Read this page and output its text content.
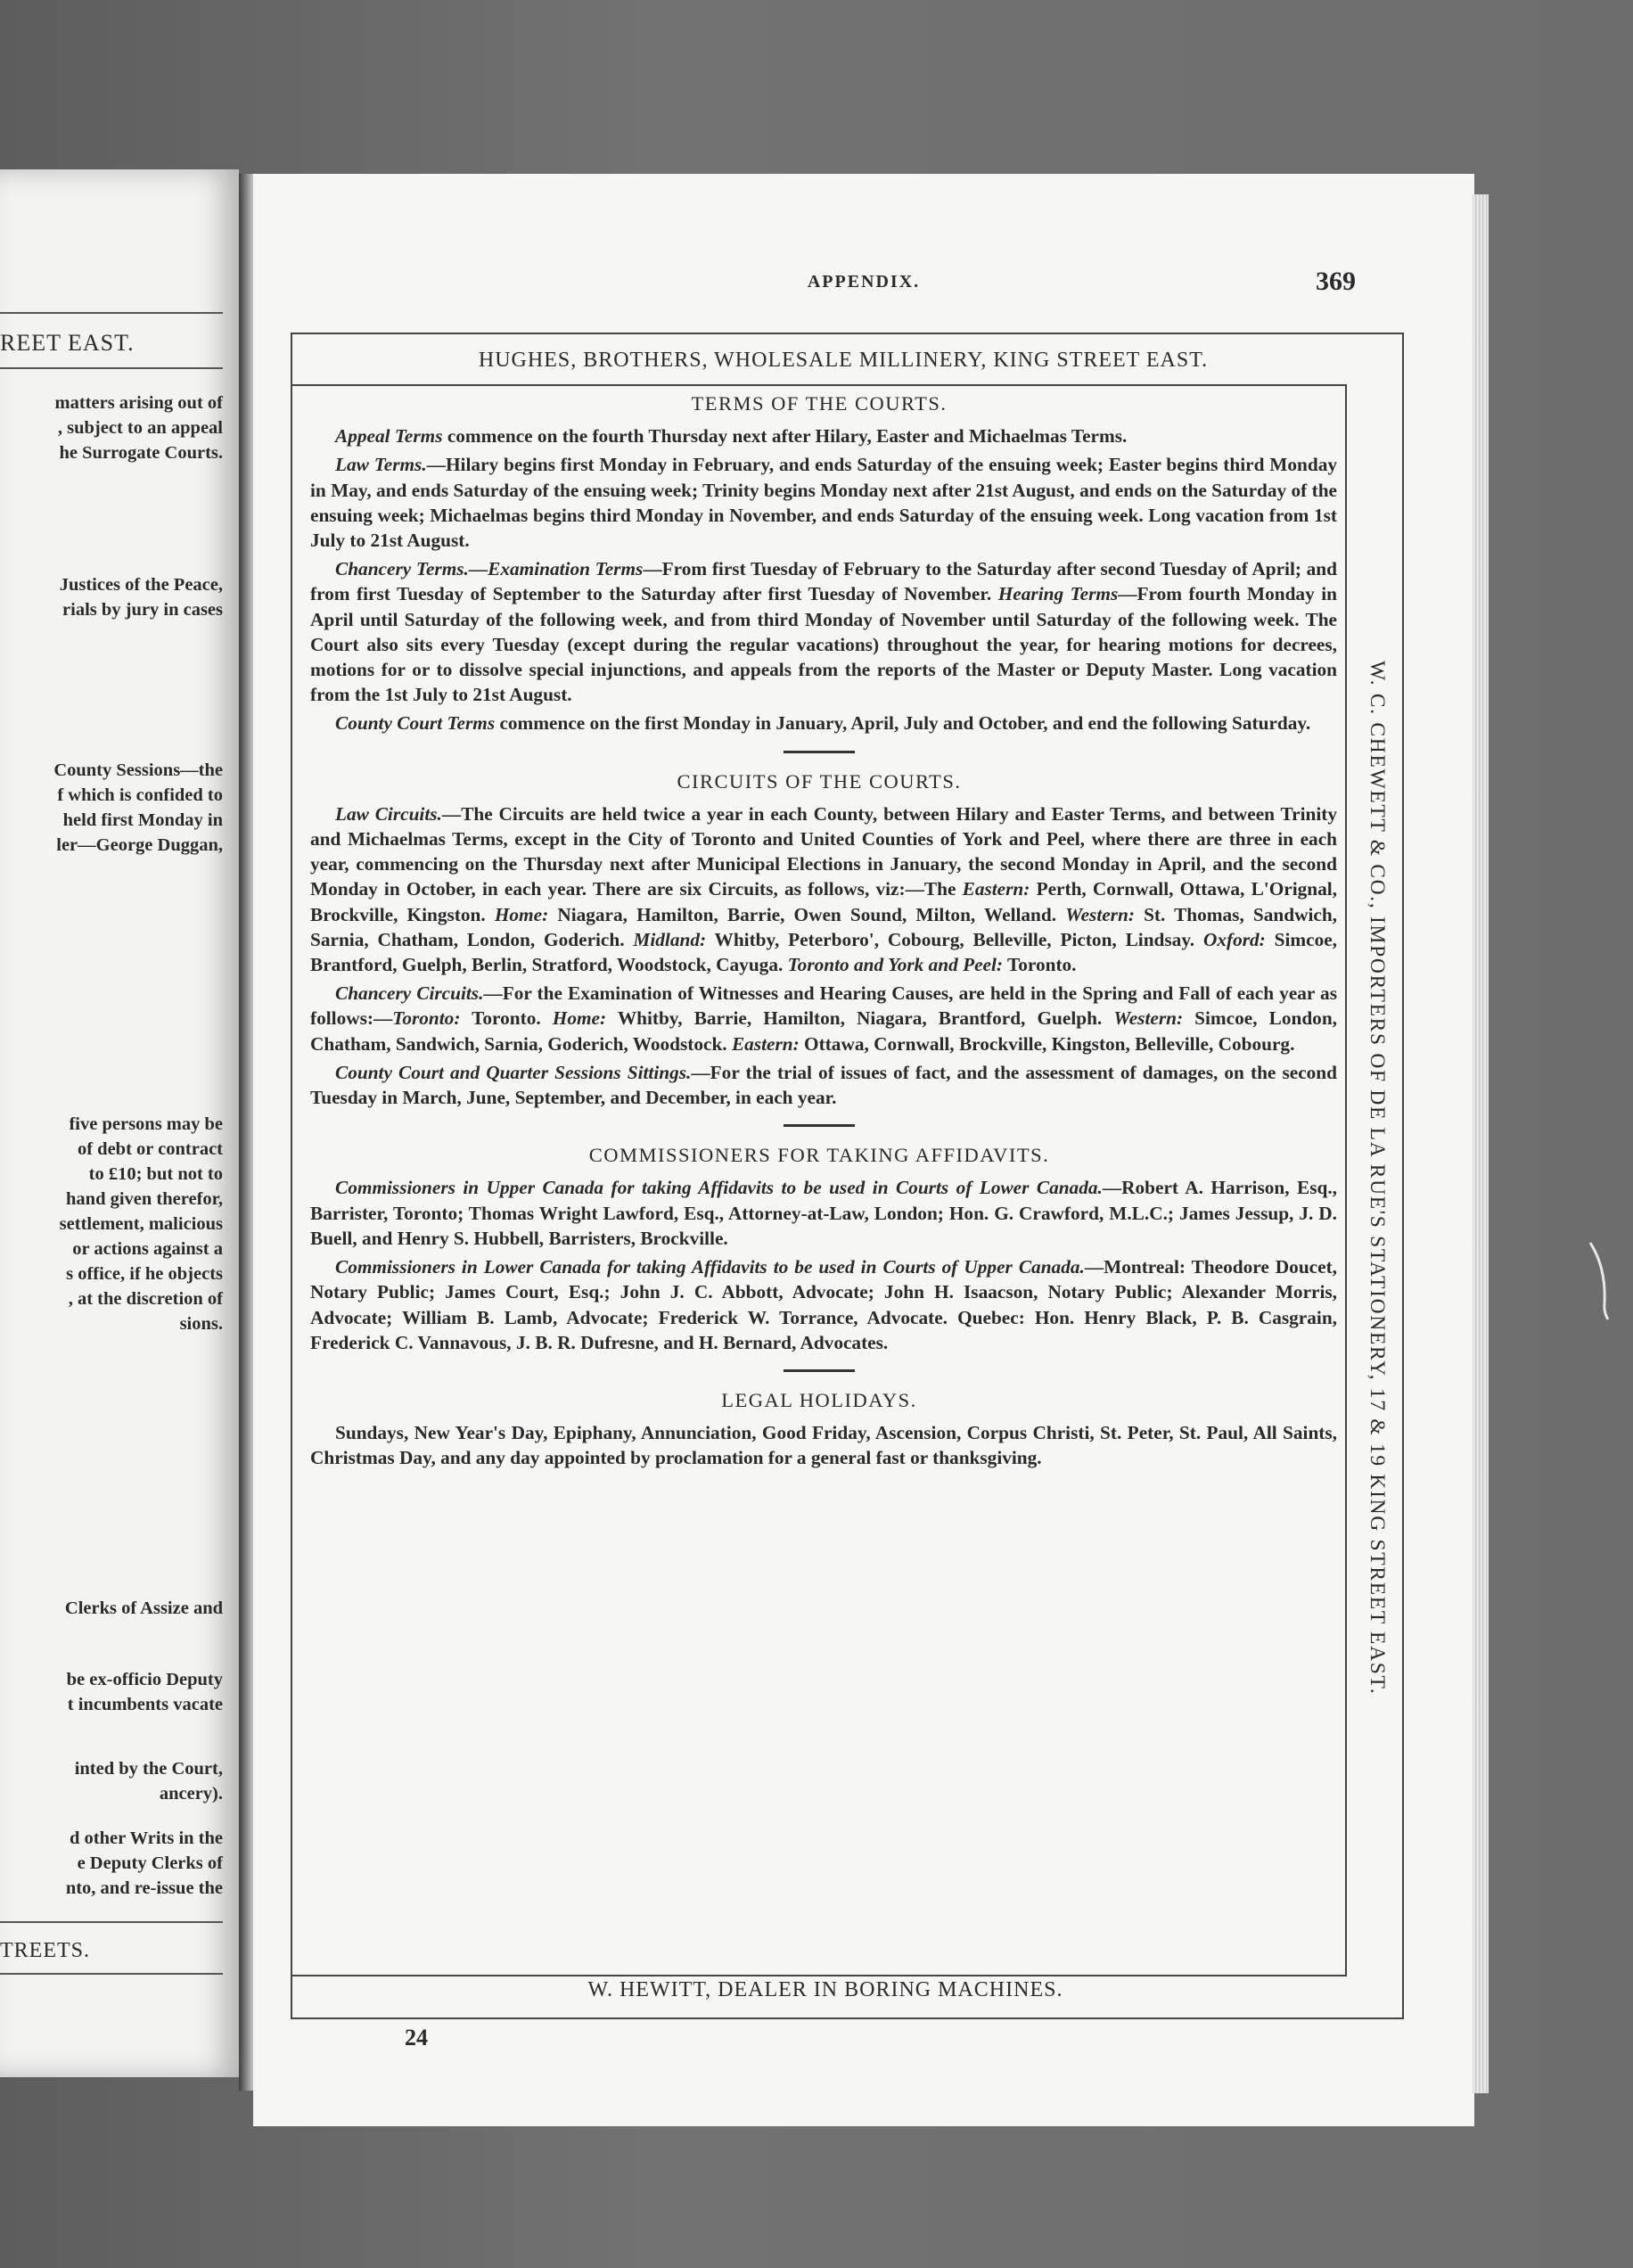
REET EAST.
matters arising out of
, subject to an appeal
he Surrogate Courts.
Justices of the Peace,
rials by jury in cases
County Sessions—the
f which is confided to
held first Monday in
ler—George Duggan,
five persons may be
of debt or contract
to £10; but not to
hand given therefor,
settlement, malicious
or actions against a
s office, if he objects
, at the discretion of
sions.
Clerks of Assize and
be ex-officio Deputy
t incumbents vacate
inted by the Court,
ancery).
d other Writs in the
e Deputy Clerks of
nto, and re-issue the
TREETS.
APPENDIX.	369
HUGHES, BROTHERS, WHOLESALE MILLINERY, KING STREET EAST.
W. C. CHEWETT & CO., IMPORTERS OF DE LA RUE'S STATIONERY, 17 & 19 KING STREET EAST.
TERMS OF THE COURTS.

Appeal Terms commence on the fourth Thursday next after Hilary, Easter and Michaelmas Terms.

Law Terms.—Hilary begins first Monday in February, and ends Saturday of the ensuing week; Easter begins third Monday in May, and ends Saturday of the ensuing week; Trinity begins Monday next after 21st August, and ends on the Saturday of the ensuing week; Michaelmas begins third Monday in November, and ends Saturday of the ensuing week. Long vacation from 1st July to 21st August.

Chancery Terms.—Examination Terms—From first Tuesday of February to the Saturday after second Tuesday of April; and from first Tuesday of September to the Saturday after first Tuesday of November. Hearing Terms—From fourth Monday in April until Saturday of the following week, and from third Monday of November until Saturday of the following week. The Court also sits every Tuesday (except during the regular vacations) throughout the year, for hearing motions for decrees, motions for or to dissolve special injunctions, and appeals from the reports of the Master or Deputy Master. Long vacation from the 1st July to 21st August.

County Court Terms commence on the first Monday in January, April, July and October, and end the following Saturday.

CIRCUITS OF THE COURTS.

Law Circuits.—The Circuits are held twice a year in each County, between Hilary and Easter Terms, and between Trinity and Michaelmas Terms, except in the City of Toronto and United Counties of York and Peel, where there are three in each year, commencing on the Thursday next after Municipal Elections in January, the second Monday in April, and the second Monday in October, in each year. There are six Circuits, as follows, viz:—The Eastern: Perth, Cornwall, Ottawa, L'Orignal, Brockville, Kingston. Home: Niagara, Hamilton, Barrie, Owen Sound, Milton, Welland. Western: St. Thomas, Sandwich, Sarnia, Chatham, London, Goderich. Midland: Whitby, Peterboro', Cobourg, Belleville, Picton, Lindsay. Oxford: Simcoe, Brantford, Guelph, Berlin, Stratford, Woodstock, Cayuga. Toronto and York and Peel: Toronto.

Chancery Circuits.—For the Examination of Witnesses and Hearing Causes, are held in the Spring and Fall of each year as follows:—Toronto: Toronto. Home: Whitby, Barrie, Hamilton, Niagara, Brantford, Guelph. Western: Simcoe, London, Chatham, Sandwich, Sarnia, Goderich, Woodstock. Eastern: Ottawa, Cornwall, Brockville, Kingston, Belleville, Cobourg.

County Court and Quarter Sessions Sittings.—For the trial of issues of fact, and the assessment of damages, on the second Tuesday in March, June, September, and December, in each year.

COMMISSIONERS FOR TAKING AFFIDAVITS.

Commissioners in Upper Canada for taking Affidavits to be used in Courts of Lower Canada.—Robert A. Harrison, Esq., Barrister, Toronto; Thomas Wright Lawford, Esq., Attorney-at-Law, London; Hon. G. Crawford, M.L.C.; James Jessup, J. D. Buell, and Henry S. Hubbell, Barristers, Brockville.

Commissioners in Lower Canada for taking Affidavits to be used in Courts of Upper Canada.—Montreal: Theodore Doucet, Notary Public; James Court, Esq.; John J. C. Abbott, Advocate; John H. Isaacson, Notary Public; Alexander Morris, Advocate; William B. Lamb, Advocate; Frederick W. Torrance, Advocate. Quebec: Hon. Henry Black, P. B. Casgrain, Frederick C. Vannavous, J. B. R. Dufresne, and H. Bernard, Advocates.

LEGAL HOLIDAYS.

Sundays, New Year's Day, Epiphany, Annunciation, Good Friday, Ascension, Corpus Christi, St. Peter, St. Paul, All Saints, Christmas Day, and any day appointed by proclamation for a general fast or thanksgiving.

W. HEWITT, DEALER IN BORING MACHINES.
24
